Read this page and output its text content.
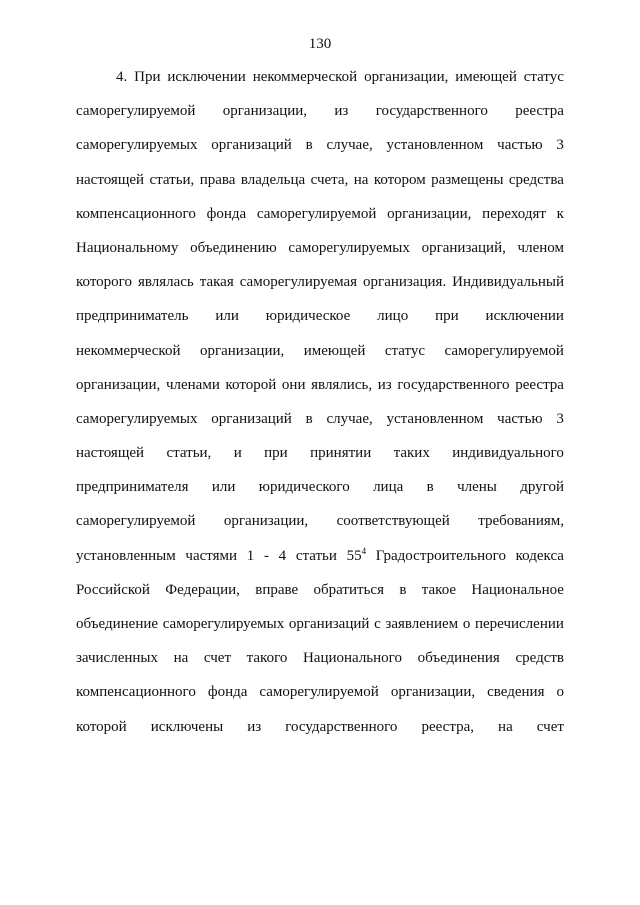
130
4. При исключении некоммерческой организации, имеющей статус
саморегулируемой организации, из государственного реестра
саморегулируемых организаций в случае, установленном частью 3
настоящей статьи, права владельца счета, на котором размещены средства
компенсационного фонда саморегулируемой организации, переходят к
Национальному объединению саморегулируемых организаций, членом
которого являлась такая саморегулируемая организация. Индивидуальный
предприниматель или юридическое лицо при исключении
некоммерческой организации, имеющей статус саморегулируемой
организации, членами которой они являлись, из государственного реестра
саморегулируемых организаций в случае, установленном частью 3
настоящей статьи, и при принятии таких индивидуального
предпринимателя или юридического лица в члены другой
саморегулируемой организации, соответствующей требованиям,
установленным частями 1 - 4 статьи $55^4$ Градостроительного кодекса
Российской Федерации, вправе обратиться в такое Национальное
объединение саморегулируемых организаций с заявлением о перечислении
зачисленных на счет такого Национального объединения средств
компенсационного фонда саморегулируемой организации, сведения о
которой исключены из государственного реестра, на счет
